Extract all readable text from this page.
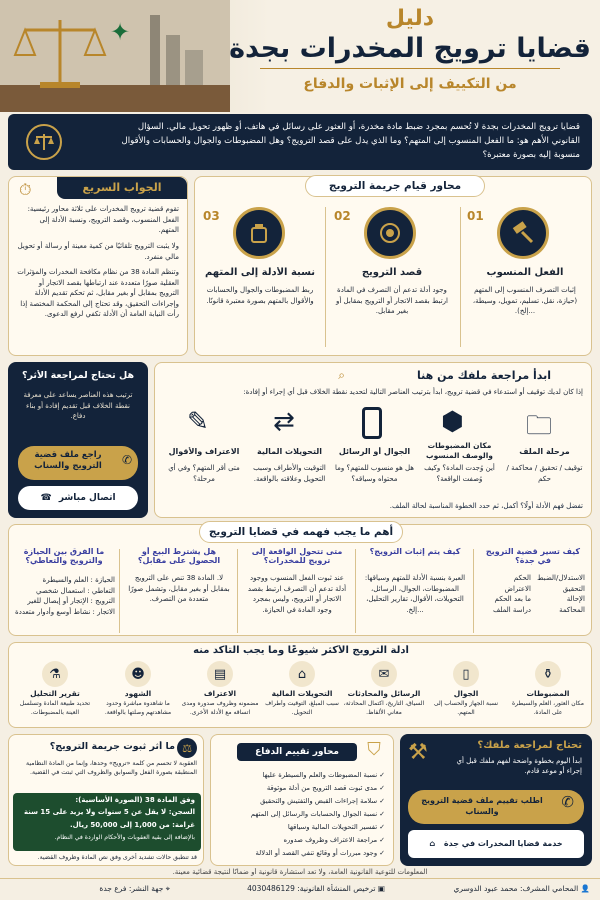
✦	دليل
قضايا ترويج المخدرات بجدة
من التكييف إلى الإثبات والدفاع

قضايا ترويج المخدرات بجدة لا تُحسم بمجرد ضبط مادة مخدرة، أو العثور على رسائل في هاتف، أو ظهور تحويل مالي. السؤال القانوني الأهم هو: ما الفعل المنسوب إلى المتهم؟ وما الذي يدل على قصد الترويج؟ وهل المضبوطات والجوال والحسابات والأقوال منسوبة إليه بصورة معتبرة؟

الجواب السريع
⏱
تقوم قضية ترويج المخدرات على ثلاثة محاور رئيسية: الفعل المنسوب، وقصد الترويج، ونسبة الأدلة إلى المتهم.
ولا يثبت الترويج تلقائيًا من كمية معينة أو رسالة أو تحويل مالي منفرد.
وتنظم المادة 38 من نظام مكافحة المخدرات والمؤثرات العقلية صورًا متعددة عند ارتباطها بقصد الاتجار أو الترويج بمقابل أو بغير مقابل، ثم تحكم تقديم الأدلة وإجراءات التحقيق، وقد تحتاج إلى المحكمة المختصة إذا رأت النيابة العامة أن الأدلة تكفي لرفع الدعوى.
محاور قيام جريمة الترويج
01
الفعل المنسوب
إثبات التصرف المنسوب إلى المتهم (حيازة، نقل، تسليم، تمويل، وسيطة، ...إلخ).
02
قصد الترويج
وجود أدلة تدعم أن التصرف في المادة ارتبط بقصد الاتجار أو الترويج بمقابل أو بغير مقابل.
03
نسبة الأدلة إلى المتهم
ربط المضبوطات والجوال والحسابات والأقوال بالمتهم بصورة معتبرة قانونًا.
هل تحتاج لمراجعة الأثر؟
ترتيب هذه العناصر يساعد على معرفة نقطة الخلاف قبل تقديم إفادة أو بناء دفاع.
راجع ملف قضية الترويج والسناب ✆
اتصال مباشر ☎
ابدأ مراجعة ملفك من هنا
⌕
إذا كان لديك توقيف أو استدعاء في قضية ترويج، ابدأ بترتيب العناصر التالية لتحديد نقطة الخلاف قبل أي إجراء أو إفادة:
🗀
مرحلة الملف
توقيف / تحقيق / محاكمة / حكم
⬢
مكان المضبوطات والوصف المنسوب
أين وُجدت المادة؟ وكيف وُصفت الواقعة؟
الجوال أو الرسائل
هل هو منسوب للمتهم؟ وما محتواه وسياقه؟
⇄
التحويلات المالية
التوقيت والأطراف وسبب التحويل وعلاقته بالواقعة.
✎
الاعتراف والأقوال
متى أقر المتهم؟ وفي أي مرحلة؟
تفضل فهم الأدلة أولًا؟ أكمل، ثم حدد الخطوة المناسبة لحالة الملف.
أهم ما يجب فهمه في قضايا الترويج
كيف تسير قضية الترويج في جدة؟
الاستدلال/الضبط
التحقيق
الإحالة
المحاكمة
الحكم
الاعتراض
ما بعد الحكم
دراسة الملف
كيف يتم إثبات الترويج؟
العبرة بنسبة الأدلة للمتهم وسياقها: المضبوطات، الجوال، الرسائل، التحويلات، الأقوال، تقارير التحليل، ...إلخ.
متى تتحول الواقعة إلى ترويج للمخدرات؟
عند ثبوت الفعل المنسوب ووجود أدلة تدعم أن التصرف ارتبط بقصد الاتجار أو الترويج، وليس بمجرد وجود المادة في الحيازة.
هل يشترط البيع أو الحصول على مقابل؟
لا. المادة 38 تنص على الترويج بمقابل أو بغير مقابل، وتشمل صورًا متعددة من التصرف.
ما الفرق بين الحيازة والترويج والتعاطي؟
الحيازة : العلم والسيطرة
التعاطي : استعمال شخصي
الترويج : الإتجار أو إيصال للغير
الاتجار : نشاط أوسع وأدوار متعددة
أدلة الترويج الأكثر شيوعًا وما يجب التأكد منه
⚱
المضبوطات
مكان العثور، العلم والسيطرة على المادة.
▯
الجوال
نسبة الجهاز والحساب إلى المتهم.
✉
الرسائل والمحادثات
السياق، التاريخ، اكتمال المحادثة، معاني الألفاظ.
⌂
التحويلات المالية
سبب المبلغ، التوقيت وأطراف التحويل.
▤
الاعتراف
مضمونه وظروف صدوره ومدى اتساقه مع الأدلة الأخرى.
☻
الشهود
ما شاهدوه مباشرة وحدود مشاهدتهم وصلتها بالواقعة.
⚗
تقرير التحليل
تحديد طبيعة المادة وتسلسل العينة بالمضبوطات.
ما أثر ثبوت جريمة الترويج؟ ⚖
العقوبة لا تحسم من كلمة «ترويج» وحدها، وإنما من المادة النظامية المنطبقة بصورة الفعل والسوابق والظروف التي ثبتت في القضية.
وفق المادة 38 (الصورة الأساسية):
السجن: لا يقل عن 5 سنوات ولا يزيد على 15 سنة
غرامة: من 1,000 إلى 50,000 ريال.
بالإضافة إلى بقية العقوبات والأحكام الواردة في النظام.
قد تنطبق حالات تشديد أخرى وفق نص المادة وظروف القضية.
⛉
محاور تقييم الدفاع
✓ نسبة المضبوطات والعلم والسيطرة عليها
✓ مدى ثبوت قصد الترويج من أدلة موثوقة
✓ سلامة إجراءات القبض والتفتيش والتحقيق
✓ نسبة الجوال والحسابات والرسائل إلى المتهم
✓ تفسير التحويلات المالية وسياقها
✓ مراجعة الاعتراف وظروف صدوره
✓ وجود مبررات أو وقائع تنفي القصد أو الدلالة
⚒	تحتاج لمراجعة ملفك؟
ابدأ اليوم بخطوة واضحة لفهم ملفك قبل أي إجراء أو موعد قادم.
اطلب تقييم ملف قضية الترويج والسناب
✆
خدمة قضايا المخدرات في جدة ⌂
المعلومات للتوعية القانونية العامة، ولا تعد استشارة قانونية أو ضمانًا لنتيجة قضائية معينة.
👤 المحامي المشرف: محمد عبود الدوسري
▣ ترخيص المنشأة القانونية: 4030486129
⌖ جهة النشر: فرع جدة
